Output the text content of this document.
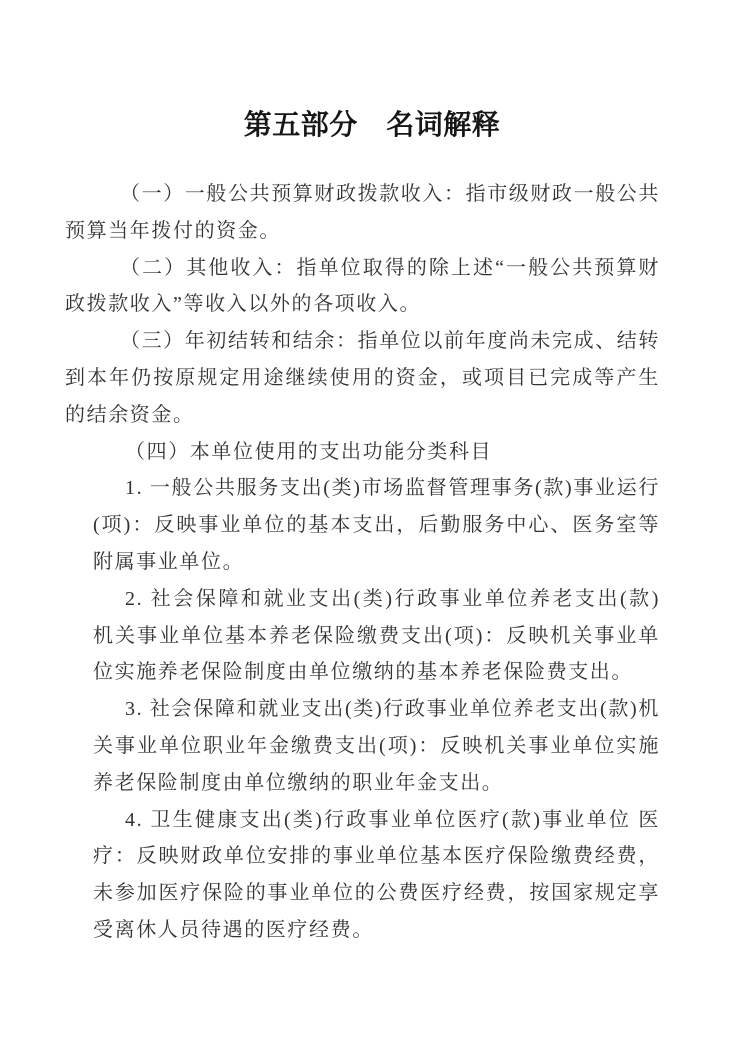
第五部分　名词解释

（一）一般公共预算财政拨款收入：指市级财政一般公共预算当年拨付的资金。

（二）其他收入：指单位取得的除上述“一般公共预算财政拨款收入”等收入以外的各项收入。

（三）年初结转和结余：指单位以前年度尚未完成、结转到本年仍按原规定用途继续使用的资金，或项目已完成等产生的结余资金。

（四）本单位使用的支出功能分类科目

1. 一般公共服务支出(类)市场监督管理事务(款)事业运行(项)：反映事业单位的基本支出，后勤服务中心、医务室等附属事业单位。

2. 社会保障和就业支出(类)行政事业单位养老支出(款) 机关事业单位基本养老保险缴费支出(项)：反映机关事业单位实施养老保险制度由单位缴纳的基本养老保险费支出。

3. 社会保障和就业支出(类)行政事业单位养老支出(款)机关事业单位职业年金缴费支出(项)：反映机关事业单位实施养老保险制度由单位缴纳的职业年金支出。

4. 卫生健康支出(类)行政事业单位医疗(款)事业单位 医疗：反映财政单位安排的事业单位基本医疗保险缴费经费，未参加医疗保险的事业单位的公费医疗经费，按国家规定享受离休人员待遇的医疗经费。
